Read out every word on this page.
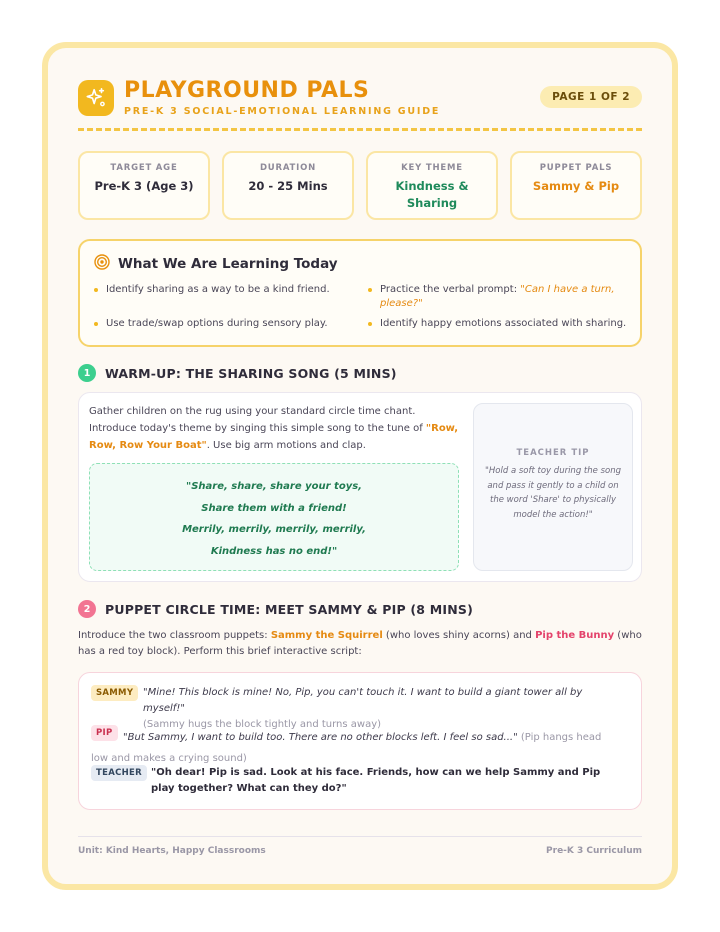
PLAYGROUND PALS
PRE-K 3 SOCIAL-EMOTIONAL LEARNING GUIDE
PAGE 1 OF 2
TARGET AGE
Pre-K 3 (Age 3)
DURATION
20 - 25 Mins
KEY THEME
Kindness & Sharing
PUPPET PALS
Sammy & Pip
What We Are Learning Today
Identify sharing as a way to be a kind friend.	Practice the verbal prompt: "Can I have a turn, please?"
Use trade/swap options during sensory play.	Identify happy emotions associated with sharing.
1	WARM-UP: THE SHARING SONG (5 MINS)
Gather children on the rug using your standard circle time chant. Introduce today's theme by singing this simple song to the tune of "Row, Row, Row Your Boat". Use big arm motions and clap.
"Share, share, share your toys,
Share them with a friend!
Merrily, merrily, merrily, merrily,
Kindness has no end!"
TEACHER TIP
"Hold a soft toy during the song and pass it gently to a child on the word 'Share' to physically model the action!"
2	PUPPET CIRCLE TIME: MEET SAMMY & PIP (8 MINS)
Introduce the two classroom puppets: Sammy the Squirrel (who loves shiny acorns) and Pip the Bunny (who has a red toy block). Perform this brief interactive script:
SAMMY "Mine! This block is mine! No, Pip, you can't touch it. I want to build a giant tower all by myself!"
(Sammy hugs the block tightly and turns away)
PIP	"But Sammy, I want to build too. There are no other blocks left. I feel so sad..." (Pip hangs head low and makes a crying sound)
TEACHER "Oh dear! Pip is sad. Look at his face. Friends, how can we help Sammy and Pip play together? What can they do?"
Unit: Kind Hearts, Happy Classrooms	Pre-K 3 Curriculum
